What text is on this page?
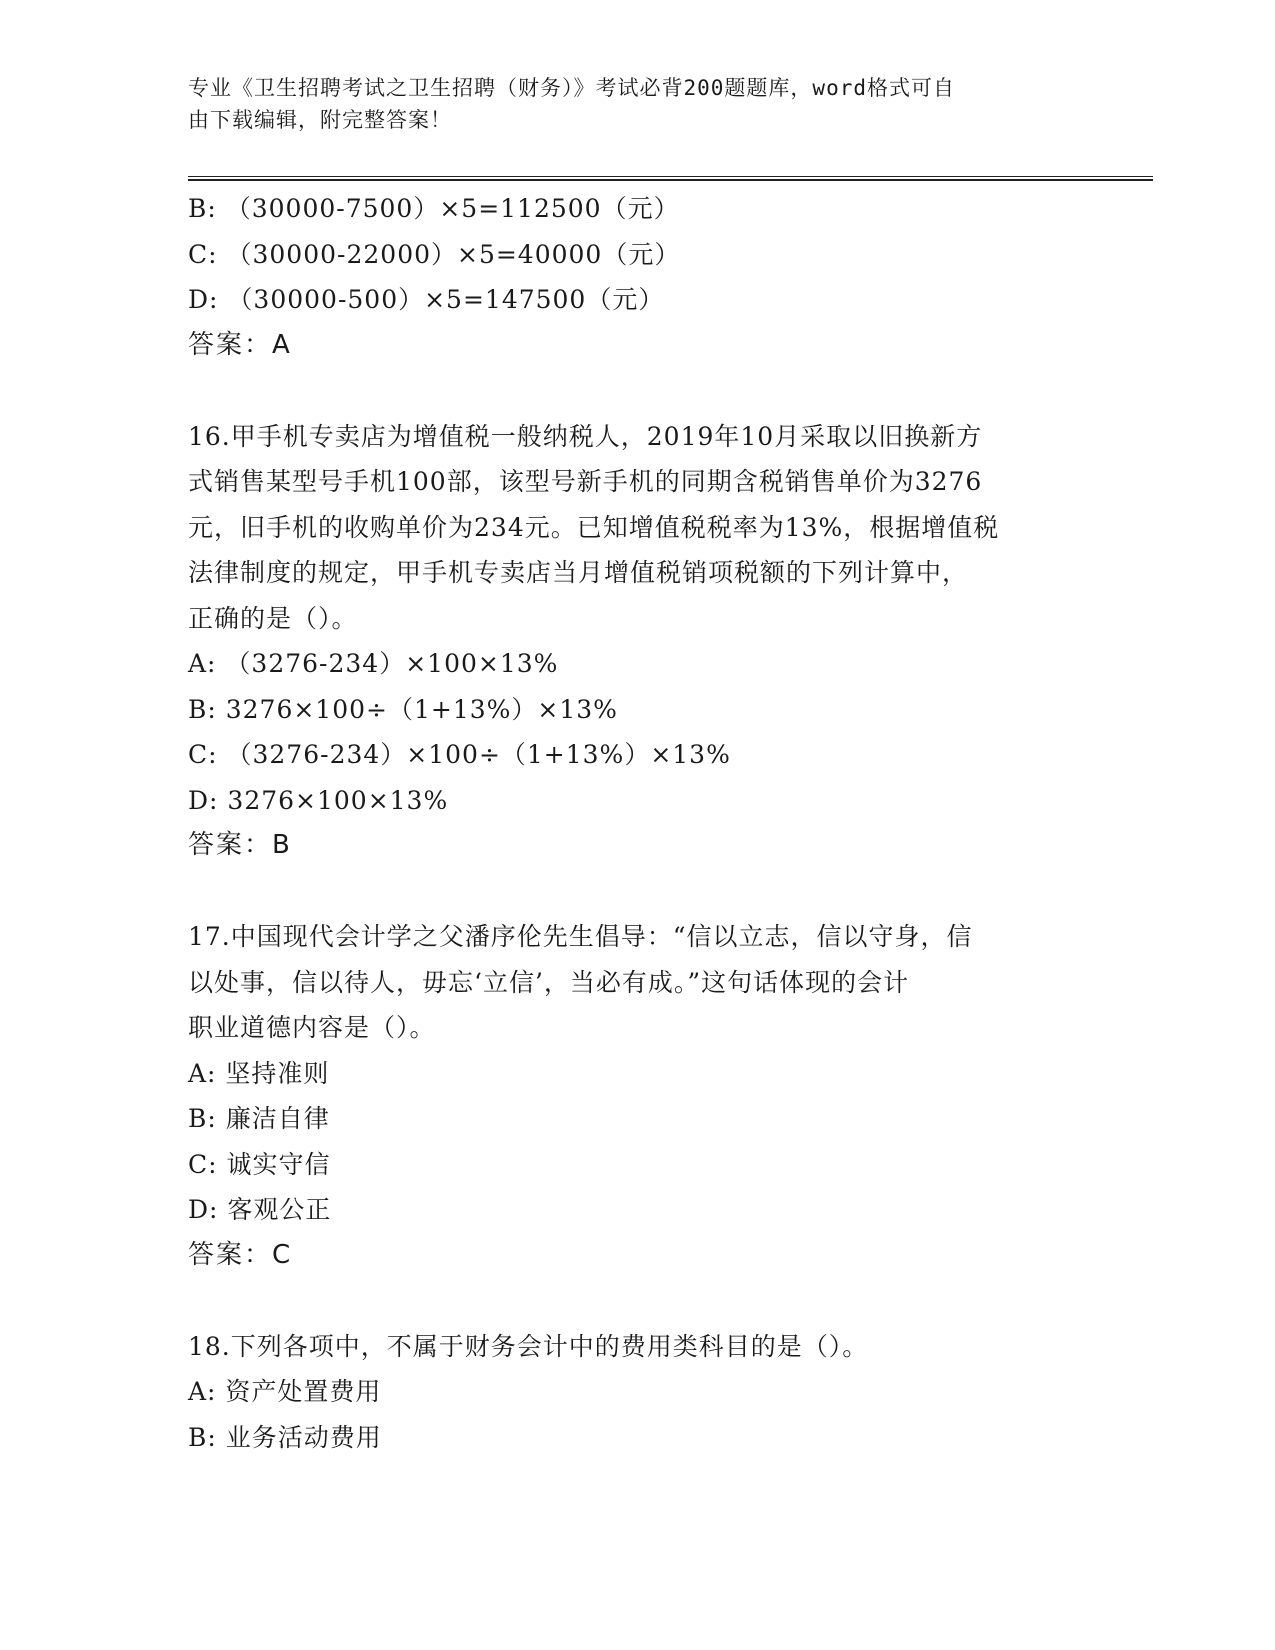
专业《卫生招聘考试之卫生招聘（财务）》考试必背200题题库，word格式可自
由下载编辑，附完整答案！
B: （30000-7500）×5=112500（元）
C: （30000-22000）×5=40000（元）
D: （30000-500）×5=147500（元）
答案：A
16.甲手机专卖店为增值税一般纳税人，2019年10月采取以旧换新方
式销售某型号手机100部，该型号新手机的同期含税销售单价为3276
元，旧手机的收购单价为234元。已知增值税税率为13%，根据增值税
法律制度的规定，甲手机专卖店当月增值税销项税额的下列计算中，
正确的是（）。
A: （3276-234）×100×13%
B: 3276×100÷（1+13%）×13%
C: （3276-234）×100÷（1+13%）×13%
D: 3276×100×13%
答案：B
17.中国现代会计学之父潘序伦先生倡导：“信以立志，信以守身，信
以处事，信以待人，毋忘‘立信’，当必有成。”这句话体现的会计
职业道德内容是（）。
A: 坚持准则
B: 廉洁自律
C: 诚实守信
D: 客观公正
答案：C
18.下列各项中，不属于财务会计中的费用类科目的是（）。
A: 资产处置费用
B: 业务活动费用
